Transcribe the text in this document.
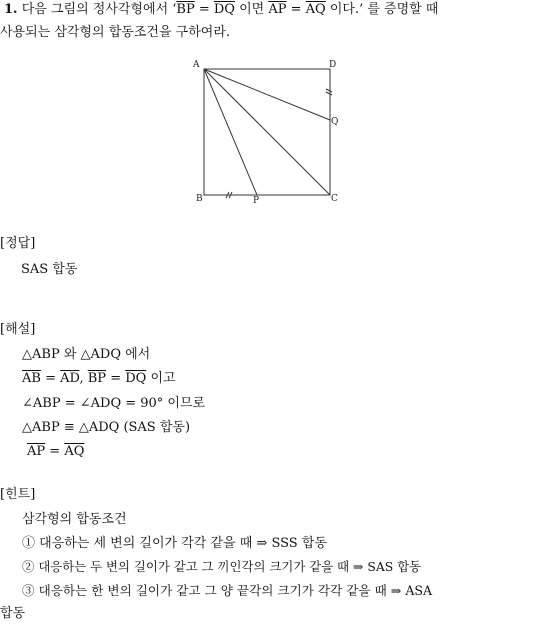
1. 다음 그림의 정사각형에서 ‘$\overline{BP} = \overline{DQ}$ 이면 $\overline{AP} = \overline{AQ}$ 이다.’ 를 증명할 때
사용되는 삼각형의 합동조건을 구하여라.
A	D
B	C
P
Q
[정답]
SAS 합동
[해설]
△ABP 와 △ADQ 에서
$\overline{AB} = \overline{AD}$, $\overline{BP} = \overline{DQ}$ 이고
∠ABP = ∠ADQ = 90° 이므로
△ABP ≡ △ADQ (SAS 합동)
$\overline{AP} = \overline{AQ}$
[힌트]
삼각형의 합동조건
① 대응하는 세 변의 길이가 각각 같을 때 ⇒ SSS 합동
② 대응하는 두 변의 길이가 같고 그 끼인각의 크기가 같을 때 ⇒ SAS 합동
③ 대응하는 한 변의 길이가 같고 그 양 끝각의 크기가 각각 같을 때 ⇒ ASA
합동
